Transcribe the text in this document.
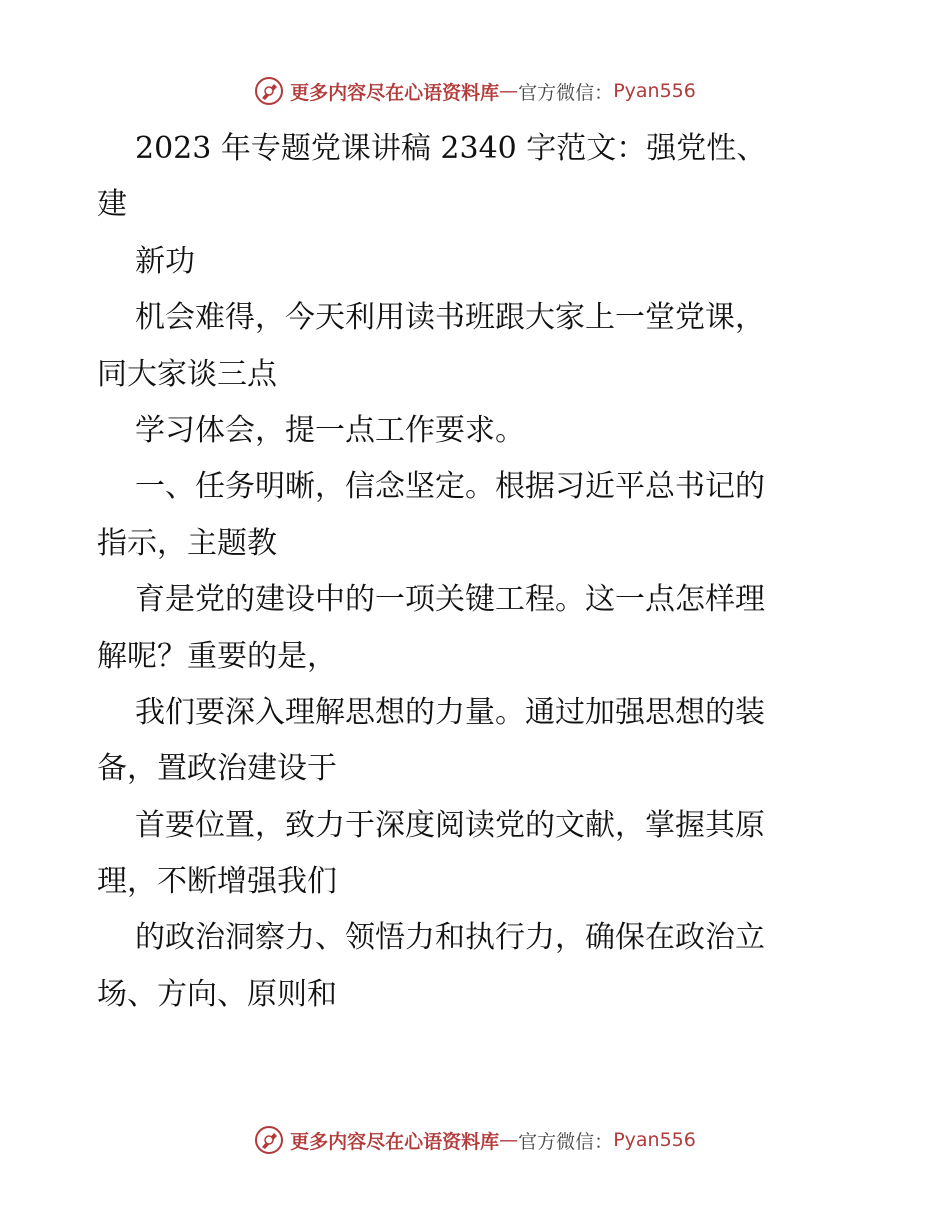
更多内容尽在心语资料库 — 官方微信： Pyan556
2023 年专题党课讲稿 2340 字范文：强党性、
建
新功
机会难得，今天利用读书班跟大家上一堂党课，
同大家谈三点
学习体会，提一点工作要求。
一、任务明晰，信念坚定。根据习近平总书记的
指示，主题教
育是党的建设中的一项关键工程。这一点怎样理
解呢？重要的是，
我们要深入理解思想的力量。通过加强思想的装
备，置政治建设于
首要位置，致力于深度阅读党的文献，掌握其原
理，不断增强我们
的政治洞察力、领悟力和执行力，确保在政治立
场、方向、原则和
更多内容尽在心语资料库 — 官方微信： Pyan556
